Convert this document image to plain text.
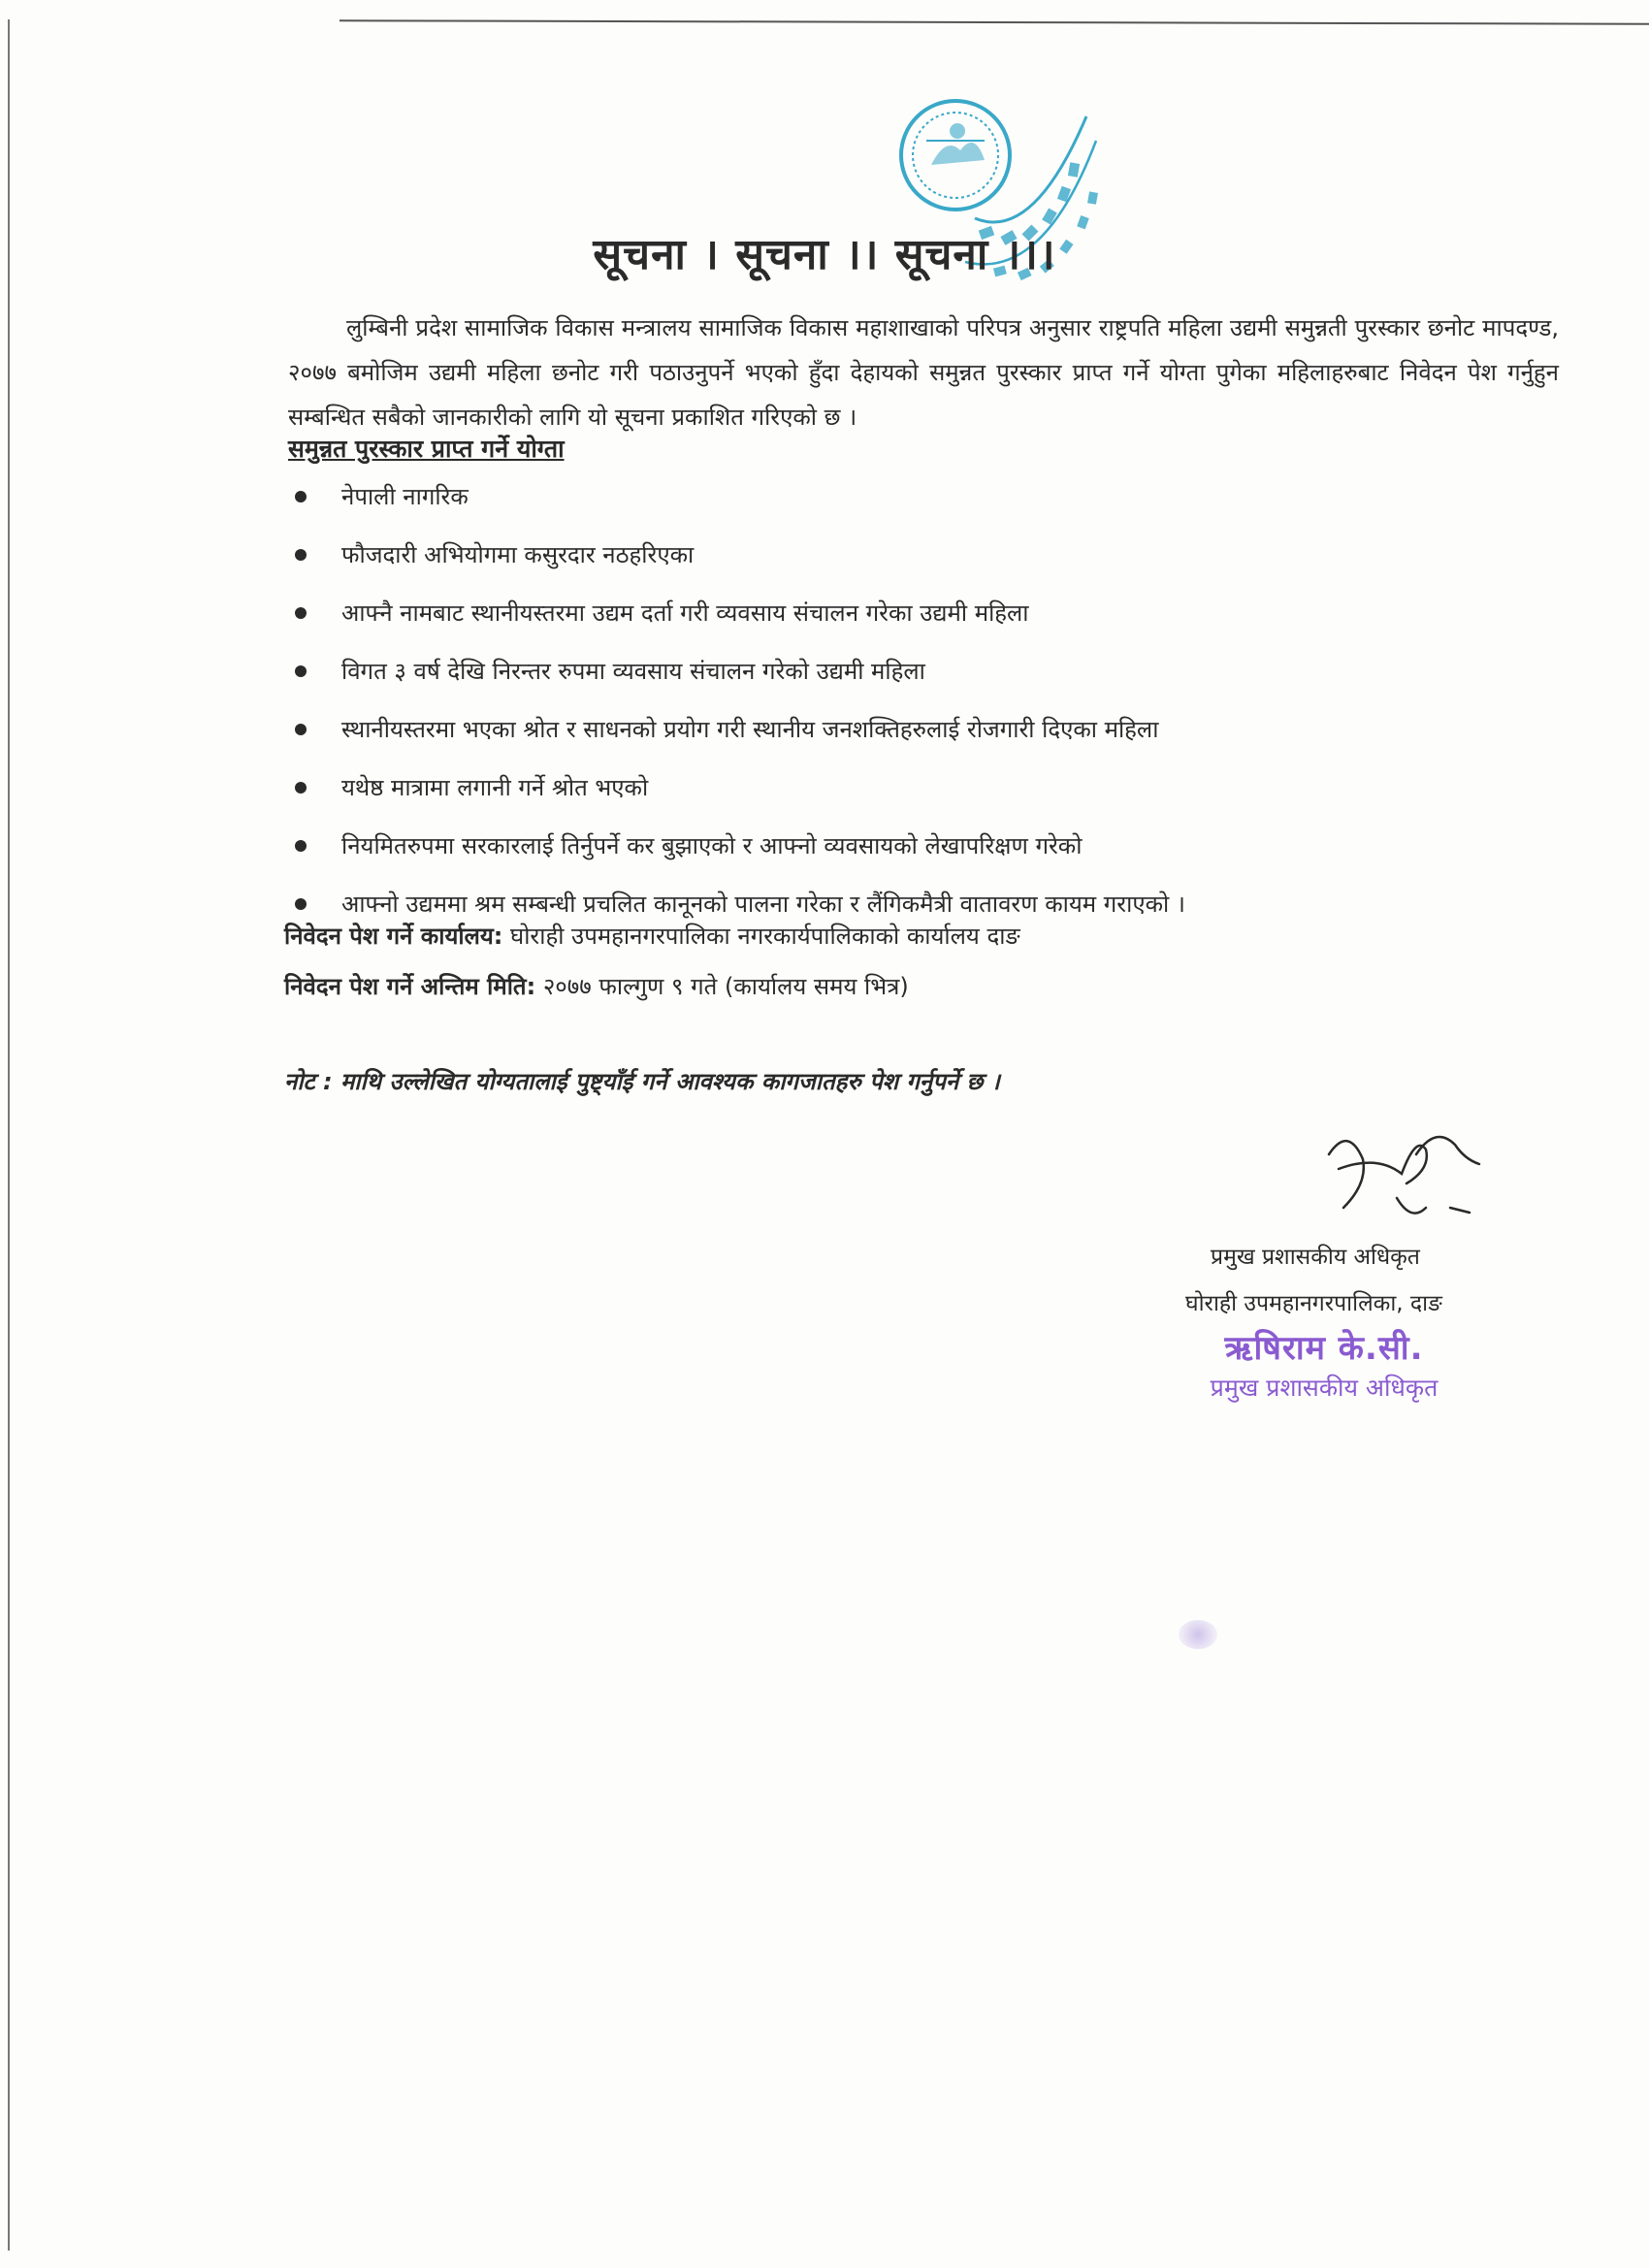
सूचना । सूचना ।। सूचना ।।।
लुम्बिनी प्रदेश सामाजिक विकास मन्त्रालय सामाजिक विकास महाशाखाको परिपत्र अनुसार राष्ट्रपति महिला उद्यमी समुन्नती पुरस्कार छनोट मापदण्ड, २०७७ बमोजिम उद्यमी महिला छनोट गरी पठाउनुपर्ने भएको हुँदा देहायको समुन्नत पुरस्कार प्राप्त गर्ने योग्ता पुगेका महिलाहरुबाट निवेदन पेश गर्नुहुन सम्बन्धित सबैको जानकारीको लागि यो सूचना प्रकाशित गरिएको छ ।
समुन्नत पुरस्कार प्राप्त गर्ने योग्ता
नेपाली नागरिक
फौजदारी अभियोगमा कसुरदार नठहरिएका
आफ्नै नामबाट स्थानीयस्तरमा उद्यम दर्ता गरी व्यवसाय संचालन गरेका उद्यमी महिला
विगत ३ वर्ष देखि निरन्तर रुपमा व्यवसाय संचालन गरेको उद्यमी महिला
स्थानीयस्तरमा भएका श्रोत र साधनको प्रयोग गरी स्थानीय जनशक्तिहरुलाई रोजगारी दिएका महिला
यथेष्ठ मात्रामा लगानी गर्ने श्रोत भएको
नियमितरुपमा सरकारलाई तिर्नुपर्ने कर बुझाएको र आफ्नो व्यवसायको लेखापरिक्षण गरेको
आफ्नो उद्यममा श्रम सम्बन्धी प्रचलित कानूनको पालना गरेका र लैंगिकमैत्री वातावरण कायम गराएको ।
निवेदन पेश गर्ने कार्यालय: घोराही उपमहानगरपालिका नगरकार्यपालिकाको कार्यालय दाङ
निवेदन पेश गर्ने अन्तिम मिति: २०७७ फाल्गुण ९ गते (कार्यालय समय भित्र)
नोट : माथि उल्लेखित योग्यतालाई पुष्ट्याँई गर्ने आवश्यक कागजातहरु पेश गर्नुपर्ने छ ।
प्रमुख प्रशासकीय अधिकृत
घोराही उपमहानगरपालिका, दाङ
ऋषिराम के.सी.
प्रमुख प्रशासकीय अधिकृत
